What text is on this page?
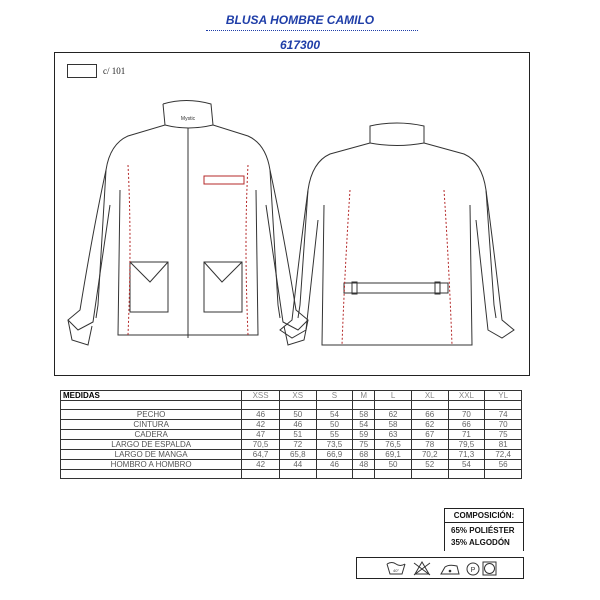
BLUSA HOMBRE CAMILO
617300
c/ 101
Mystic
MEDIDAS	XSS	XS	S	M	L	XL	XXL	YL

PECHO	46	50	54	58	62	66	70	74
CINTURA	42	46	50	54	58	62	66	70
CADERA	47	51	55	59	63	67	71	75
LARGO DE ESPALDA	70,5	72	73,5	75	76,5	78	79,5	81
LARGO DE MANGA	64,7	65,8	66,9	68	69,1	70,2	71,3	72,4
HOMBRO A HOMBRO	42	44	46	48	50	52	54	56

COMPOSICIÓN:
65% POLIÉSTER
35% ALGODÓN
40°	P
